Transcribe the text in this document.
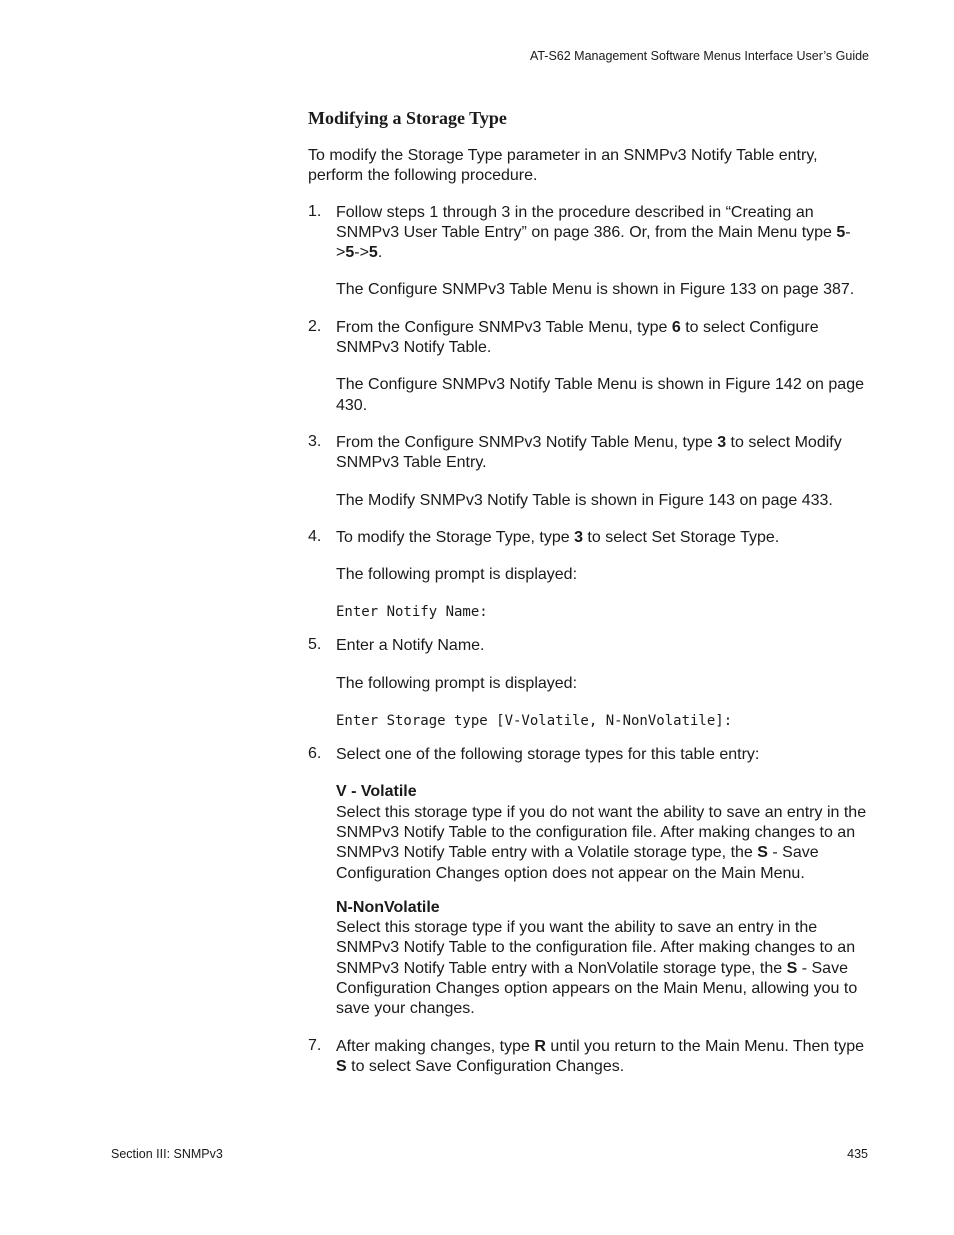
AT-S62 Management Software Menus Interface User’s Guide
Modifying a Storage Type

To modify the Storage Type parameter in an SNMPv3 Notify Table entry, perform the following procedure.

1. Follow steps 1 through 3 in the procedure described in “Creating an SNMPv3 User Table Entry” on page 386. Or, from the Main Menu type 5->5->5.

The Configure SNMPv3 Table Menu is shown in Figure 133 on page 387.

2. From the Configure SNMPv3 Table Menu, type 6 to select Configure SNMPv3 Notify Table.

The Configure SNMPv3 Notify Table Menu is shown in Figure 142 on page 430.

3. From the Configure SNMPv3 Notify Table Menu, type 3 to select Modify SNMPv3 Table Entry.

The Modify SNMPv3 Notify Table is shown in Figure 143 on page 433.

4. To modify the Storage Type, type 3 to select Set Storage Type.

The following prompt is displayed:

Enter Notify Name:
5. Enter a Notify Name.

The following prompt is displayed:

Enter Storage type [V-Volatile, N-NonVolatile]:
6. Select one of the following storage types for this table entry:

V - Volatile

Select this storage type if you do not want the ability to save an entry in the SNMPv3 Notify Table to the configuration file. After making changes to an SNMPv3 Notify Table entry with a Volatile storage type, the S - Save Configuration Changes option does not appear on the Main Menu.

N-NonVolatile

Select this storage type if you want the ability to save an entry in the SNMPv3 Notify Table to the configuration file. After making changes to an SNMPv3 Notify Table entry with a NonVolatile storage type, the S - Save Configuration Changes option appears on the Main Menu, allowing you to save your changes.

7. After making changes, type R until you return to the Main Menu. Then type S to select Save Configuration Changes.

Section III: SNMPv3	435
